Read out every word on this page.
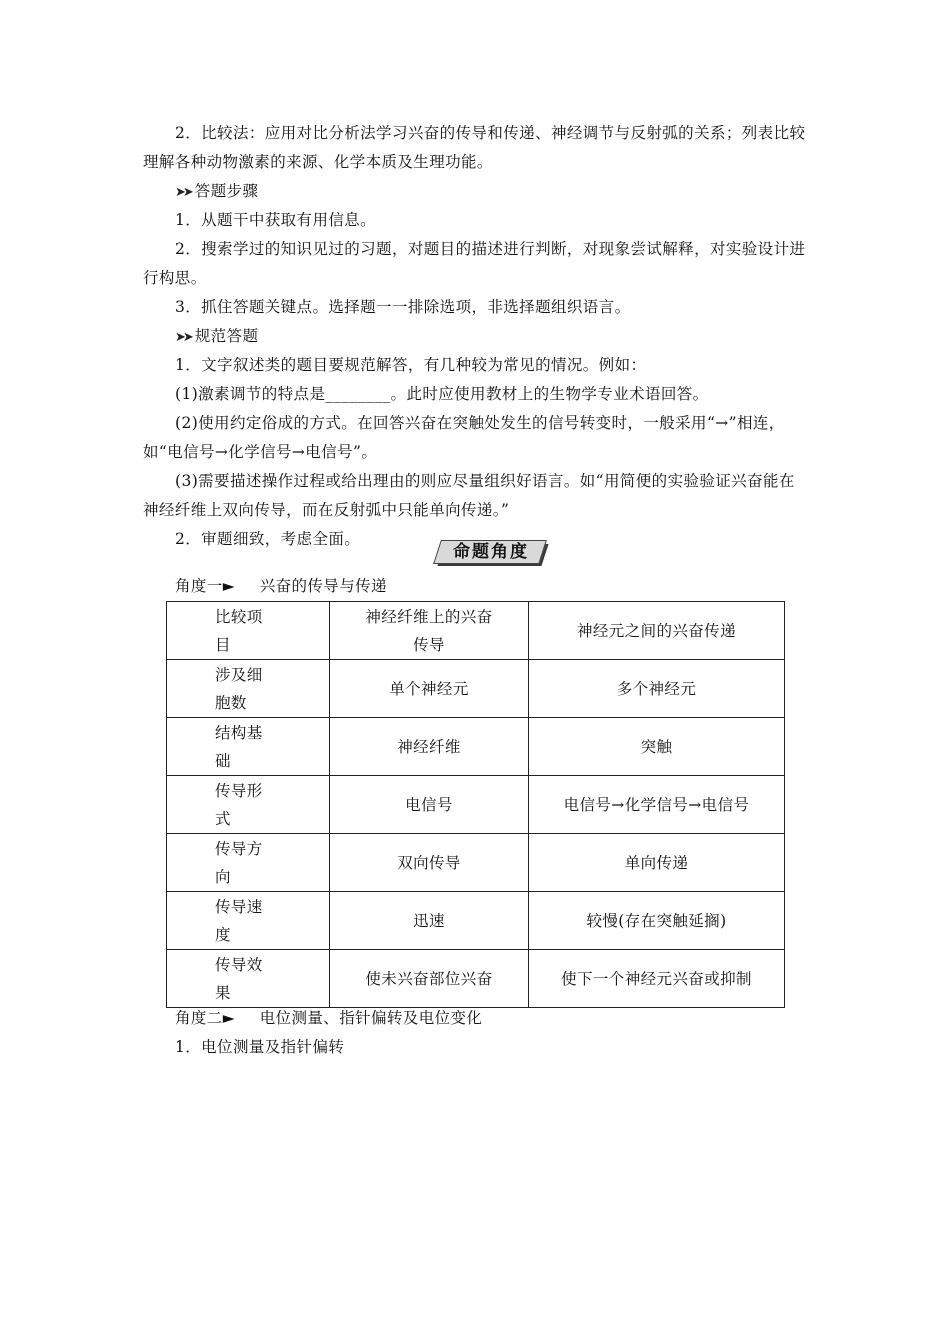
2．比较法：应用对比分析法学习兴奋的传导和传递、神经调节与反射弧的关系；列表比较理解各种动物激素的来源、化学本质及生理功能。

➤➤ 答题步骤
1．从题干中获取有用信息。

2．搜索学过的知识见过的习题，对题目的描述进行判断，对现象尝试解释，对实验设计进行构思。

3．抓住答题关键点。选择题一一排除选项，非选择题组织语言。
➤➤ 规范答题
1．文字叙述类的题目要规范解答，有几种较为常见的情况。例如：
(1)激素调节的特点是________。此时应使用教材上的生物学专业术语回答。

(2)使用约定俗成的方式。在回答兴奋在突触处发生的信号转变时，一般采用“→”相连，如“电信号→化学信号→电信号”。

(3)需要描述操作过程或给出理由的则应尽量组织好语言。如“用简便的实验验证兴奋能在神经纤维上双向传导，而在反射弧中只能单向传递。”

2．审题细致，考虑全面。
命题角度
角度一► 兴奋的传导与传递
比较项目	神经纤维上的兴奋传导	神经元之间的兴奋传递

涉及细胞数	单个神经元	多个神经元

结构基础	神经纤维	突触

传导形式	电信号	电信号→化学信号→电信号

传导方向	双向传导	单向传递

传导速度	迅速	较慢(存在突触延搁)

传导效果	使未兴奋部位兴奋	使下一个神经元兴奋或抑制
角度二► 电位测量、指针偏转及电位变化
1．电位测量及指针偏转
